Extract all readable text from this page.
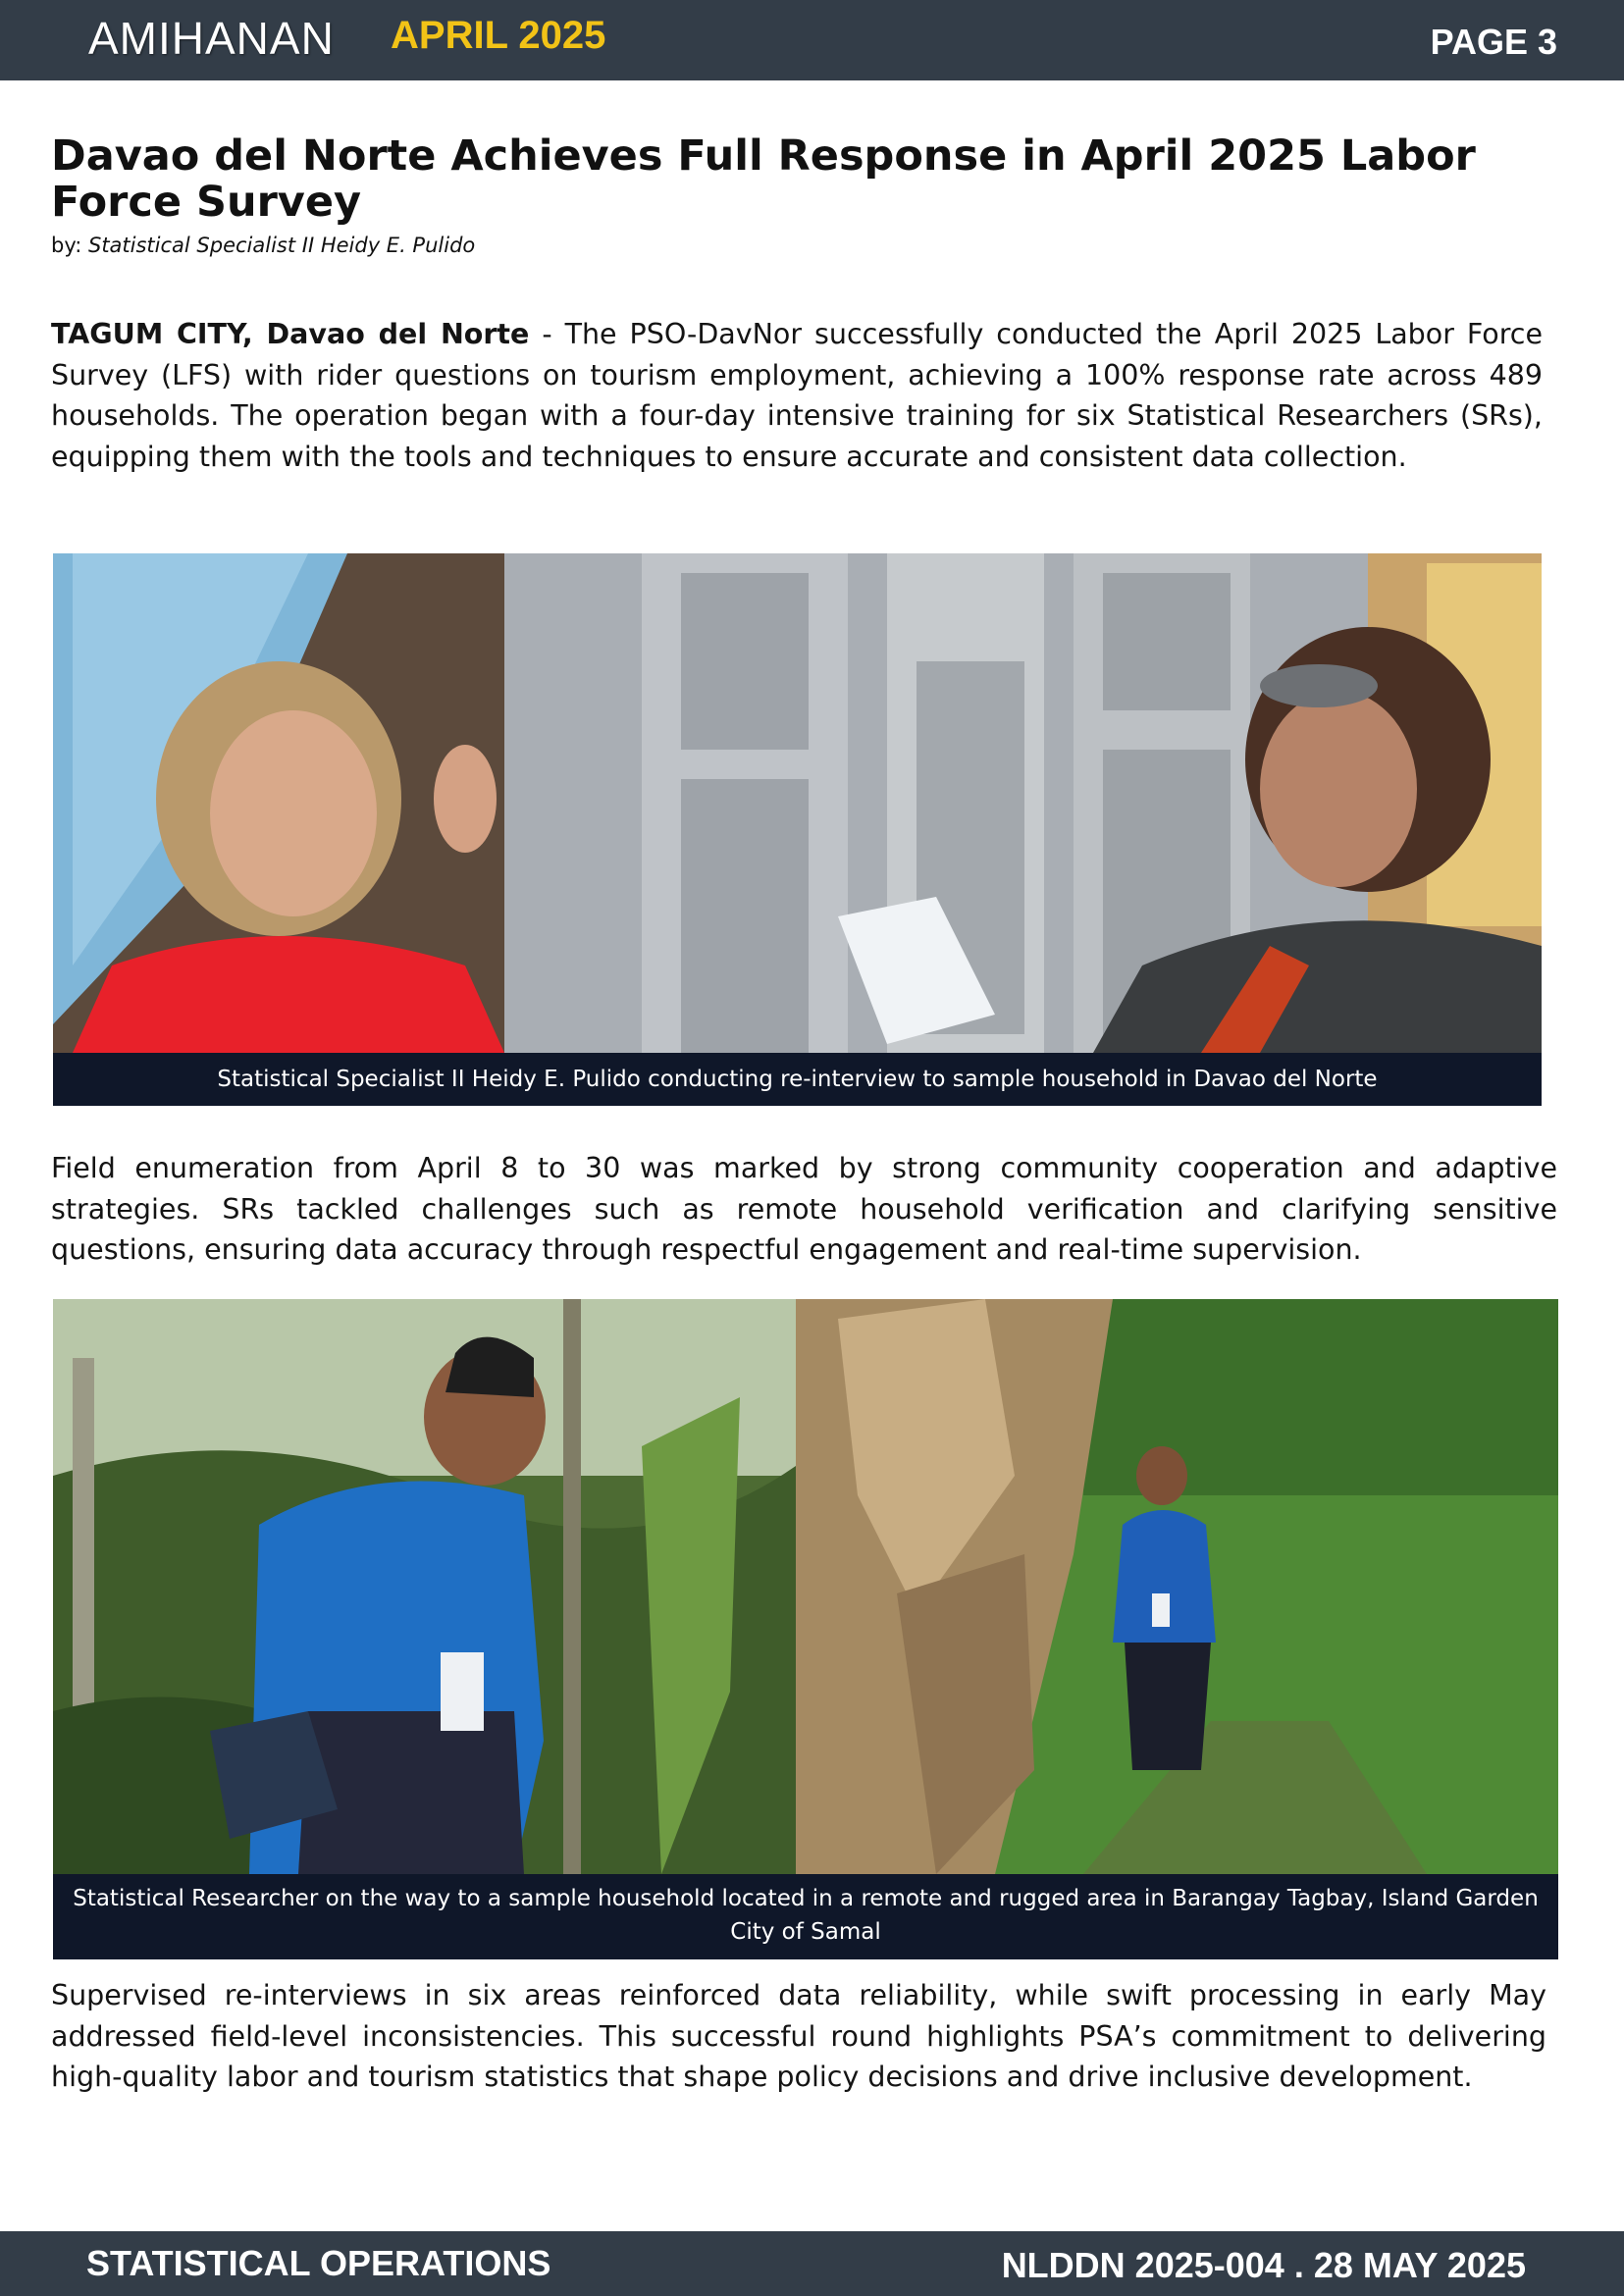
AMIHANAN APRIL 2025	PAGE 3
Davao del Norte Achieves Full Response in April 2025 Labor Force Survey
by: Statistical Specialist II Heidy E. Pulido

TAGUM CITY, Davao del Norte - The PSO-DavNor successfully conducted the April 2025 Labor Force Survey (LFS) with rider questions on tourism employment, achieving a 100% response rate across 489 households. The operation began with a four-day intensive training for six Statistical Researchers (SRs), equipping them with the tools and techniques to ensure accurate and consistent data collection.

Statistical Specialist II Heidy E. Pulido conducting re-interview to sample household in Davao del Norte

Field enumeration from April 8 to 30 was marked by strong community cooperation and adaptive strategies. SRs tackled challenges such as remote household verification and clarifying sensitive questions, ensuring data accuracy through respectful engagement and real-time supervision.

Statistical Researcher on the way to a sample household located in a remote and rugged area in Barangay Tagbay, Island Garden City of Samal

Supervised re-interviews in six areas reinforced data reliability, while swift processing in early May addressed field-level inconsistencies. This successful round highlights PSA’s commitment to delivering high-quality labor and tourism statistics that shape policy decisions and drive inclusive development.

STATISTICAL OPERATIONS	NLDDN 2025-004 . 28 MAY 2025
